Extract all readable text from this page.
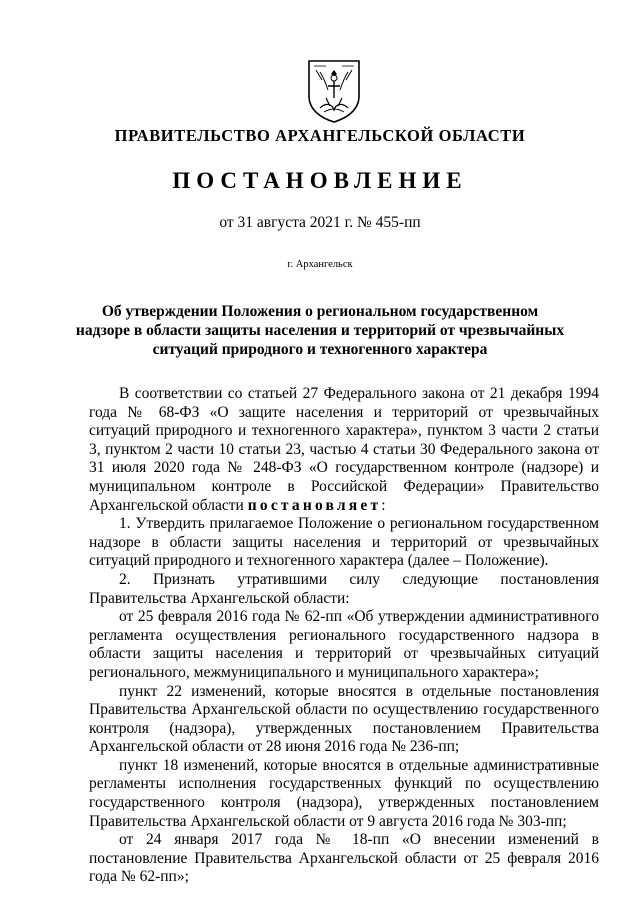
ПРАВИТЕЛЬСТВО АРХАНГЕЛЬСКОЙ ОБЛАСТИ
ПОСТАНОВЛЕНИЕ
от 31 августа 2021 г. № 455-пп
г. Архангельск
Об утверждении Положения о региональном государственном
надзоре в области защиты населения и территорий от чрезвычайных
ситуаций природного и техногенного характера

В соответствии со статьей 27 Федерального закона от 21 декабря 1994 года № 68-ФЗ «О защите населения и территорий от чрезвычайных ситуаций природного и техногенного характера», пунктом 3 части 2 статьи 3, пунктом 2 части 10 статьи 23, частью 4 статьи 30 Федерального закона от 31 июля 2020 года № 248-ФЗ «О государственном контроле (надзоре) и муниципальном контроле в Российской Федерации» Правительство Архангельской области постановляет:

1. Утвердить прилагаемое Положение о региональном государственном надзоре в области защиты населения и территорий от чрезвычайных ситуаций природного и техногенного характера (далее – Положение).

2. Признать утратившими силу следующие постановления Правительства Архангельской области:

от 25 февраля 2016 года № 62-пп «Об утверждении административного регламента осуществления регионального государственного надзора в области защиты населения и территорий от чрезвычайных ситуаций регионального, межмуниципального и муниципального характера»;

пункт 22 изменений, которые вносятся в отдельные постановления Правительства Архангельской области по осуществлению государственного контроля (надзора), утвержденных постановлением Правительства Архангельской области от 28 июня 2016 года № 236-пп;

пункт 18 изменений, которые вносятся в отдельные административные регламенты исполнения государственных функций по осуществлению государственного контроля (надзора), утвержденных постановлением Правительства Архангельской области от 9 августа 2016 года № 303-пп;

от 24 января 2017 года № 18-пп «О внесении изменений в постановление Правительства Архангельской области от 25 февраля 2016 года № 62-пп»;
